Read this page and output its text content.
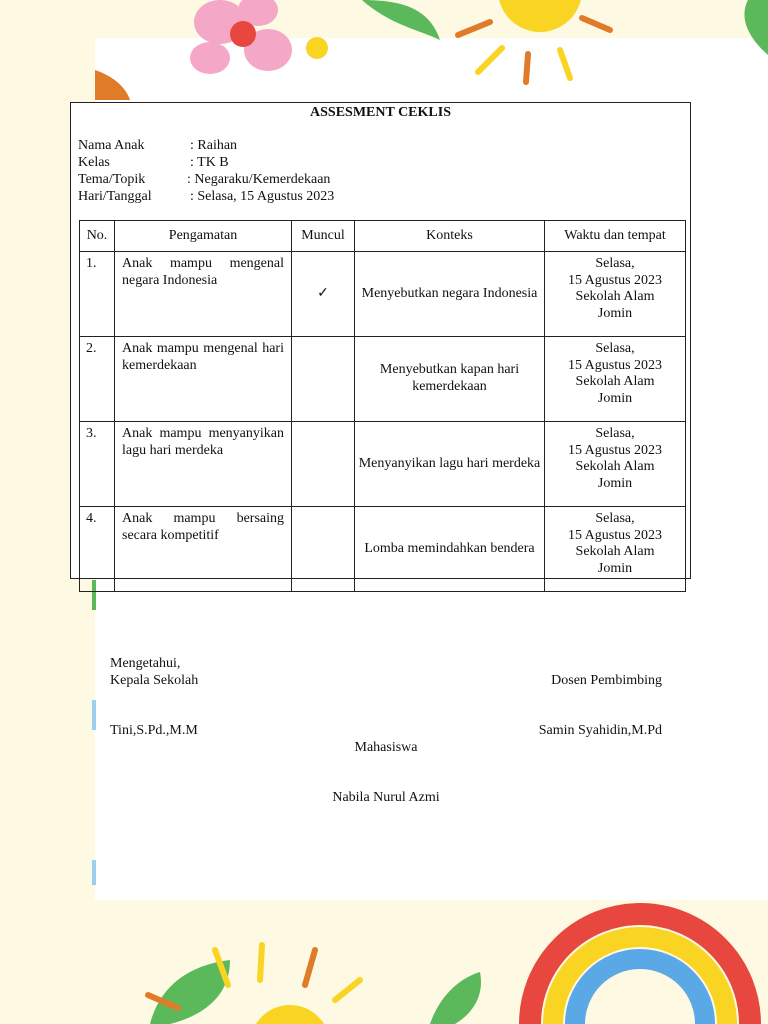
ASSESMENT CEKLIS
Nama Anak	: Raihan
Kelas	: TK B
Tema/Topik	: Negaraku/Kemerdekaan
Hari/Tanggal	: Selasa, 15 Agustus 2023
No.	Pengamatan	Muncul	Konteks	Waktu dan tempat
1.	Anak mampu mengenal negara Indonesia	✓	Menyebutkan negara Indonesia	Selasa,
15 Agustus 2023
Sekolah Alam
Jomin

2.	Anak mampu mengenal hari kemerdekaan		Menyebutkan kapan hari kemerdekaan	Selasa,
15 Agustus 2023
Sekolah Alam
Jomin

3.	Anak mampu menyanyikan lagu hari merdeka		Menyanyikan lagu hari merdeka	Selasa,
15 Agustus 2023
Sekolah Alam
Jomin

4.	Anak mampu bersaing secara kompetitif		Lomba memindahkan bendera	Selasa,
15 Agustus 2023
Sekolah Alam
Jomin
Mengetahui,
Kepala Sekolah
Tini,S.Pd.,M.M
Dosen Pembimbing
Samin Syahidin,M.Pd
Mahasiswa
Nabila Nurul Azmi
